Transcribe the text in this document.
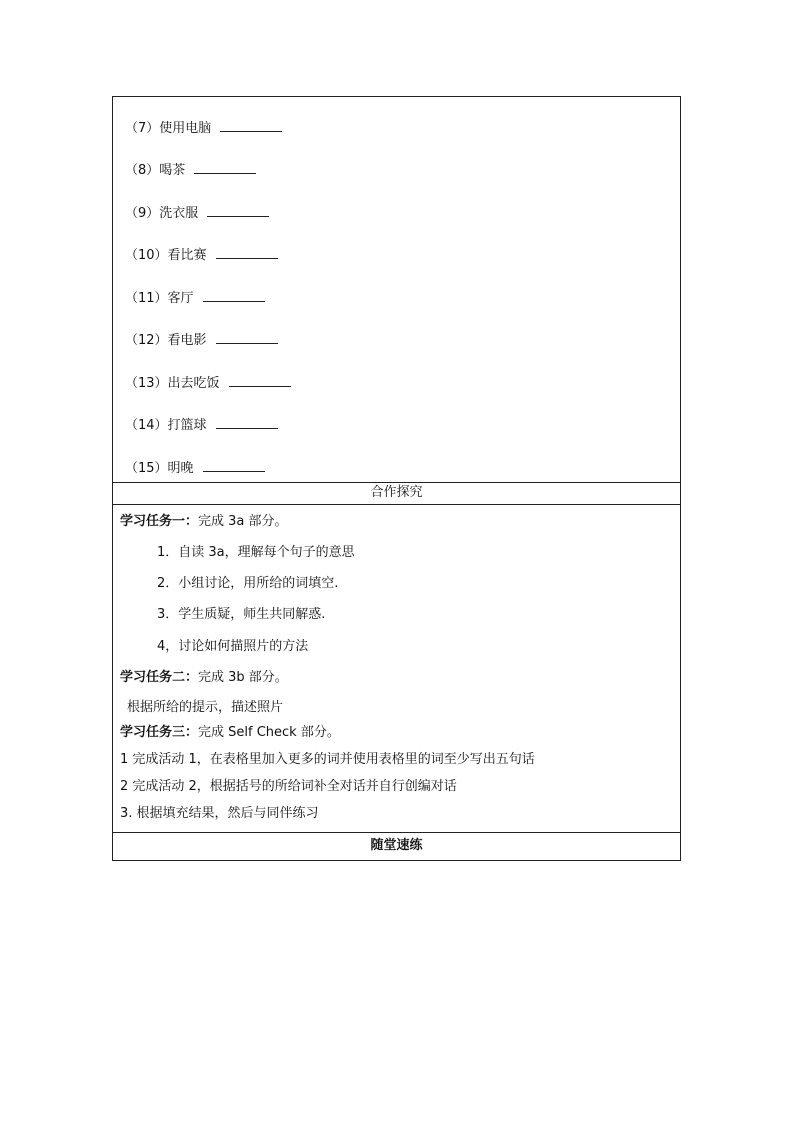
（7）使用电脑
（8）喝茶
（9）洗衣服
（10）看比赛
（11）客厅
（12）看电影
（13）出去吃饭
（14）打篮球
（15）明晚
合作探究
学习任务一：完成 3a 部分。
1．自读 3a，理解每个句子的意思
2．小组讨论，用所给的词填空.
3．学生质疑，师生共同解惑.
4，讨论如何描照片的方法
学习任务二：完成 3b 部分。
根据所给的提示，描述照片
学习任务三：完成 Self Check 部分。
1 完成活动 1，在表格里加入更多的词并使用表格里的词至少写出五句话
2 完成活动 2，根据括号的所给词补全对话并自行创编对话
3. 根据填充结果，然后与同伴练习
随堂速练
